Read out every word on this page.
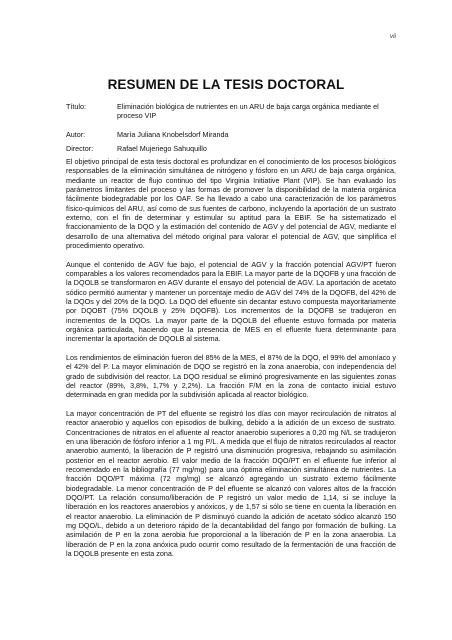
vii
RESUMEN DE LA TESIS DOCTORAL
Título:	Eliminación biológica de nutrientes en un ARU de baja carga orgánica mediante el proceso VIP
Autor:	María Juliana Knobelsdorf Miranda
Director:	Rafael Mujeriego Sahuquillo

El objetivo principal de esta tesis doctoral es profundizar en el conocimiento de los procesos biológicos responsables de la eliminación simultánea de nitrógeno y fósforo en un ARU de baja carga orgánica, mediante un reactor de flujo continuo del tipo Virginia Initiative Plant (VIP). Se han evaluado los parámetros limitantes del proceso y las formas de promover la disponibilidad de la materia orgánica fácilmente biodegradable por los OAF. Se ha llevado a cabo una caracterización de los parámetros físico-químicos del ARU, así como de sus fuentes de carbono, incluyendo la aportación de un sustrato externo, con el fin de determinar y estimular su aptitud para la EBIF. Se ha sistematizado el fraccionamiento de la DQO y la estimación del contenido de AGV y del potencial de AGV, mediante el desarrollo de una alternativa del método original para valorar el potencial de AGV, que simplifica el procedimiento operativo.

Aunque el contenido de AGV fue bajo, el potencial de AGV y la fracción potencial AGV/PT fueron comparables a los valores recomendados para la EBIF. La mayor parte de la DQOFB y una fracción de la DQOLB se transformaron en AGV durante el ensayo del potencial de AGV. La aportación de acetato sódico permitió aumentar y mantener un porcentaje medio de AGV del 74% de la DQOFB, del 42% de la DQOs y del 20% de la DQO. La DQO del efluente sin decantar estuvo compuesta mayoritariamente por DQOBT (75% DQOLB y 25% DQOFB). Los incrementos de la DQOFB se tradujeron en incrementos de la DQOs. La mayor parte de la DQOLB del efluente estuvo formada por materia orgánica particulada, haciendo que la presencia de MES en el efluente fuera determinante para incrementar la aportación de DQOLB al sistema.

Los rendimientos de eliminación fueron del 85% de la MES, el 87% de la DQO, el 99% del amoníaco y el 42% del P. La mayor eliminación de DQO se registró en la zona anaerobia, con independencia del grado de subdivisión del reactor. La DQO residual se eliminó progresivamente en las siguientes zonas del reactor (89%, 3,8%, 1,7% y 2,2%). La fracción F/M en la zona de contacto inicial estuvo determinada en gran medida por la subdivisión aplicada al reactor biológico.

La mayor concentración de PT del efluente se registró los días con mayor recirculación de nitratos al reactor anaerobio y aquellos con episodios de bulking, debido a la adición de un exceso de sustrato. Concentraciones de nitratos en el afluente al reactor anaerobio superiores a 0,20 mg N/L se tradujeron en una liberación de fósforo inferior a 1 mg P/L. A medida que el flujo de nitratos recirculados al reactor anaerobio aumentó, la liberación de P registró una disminución progresiva, rebajando su asimilación posterior en el reactor aerobio. El valor medio de la fracción DQO/PT en el efluente fue inferior al recomendado en la bibliografía (77 mg/mg) para una óptima eliminación simultánea de nutrientes. La fracción DQO/PT máxima (72 mg/mg) se alcanzó agregando un sustrato externo fácilmente biodegradable. La menor concentración de P del efluente se alcanzó con valores altos de la fracción DQO/PT. La relación consumo/liberación de P registró un valor medio de 1,14, si se incluye la liberación en los reactores anaerobios y anóxicos, y de 1,57 si sólo se tiene en cuenta la liberación en el reactor anaerobio. La eliminación de P disminuyó cuando la adición de acetato sódico alcanzó 150 mg DQO/L, debido a un deterioro rápido de la decantabilidad del fango por formación de bulking. La asimilación de P en la zona aerobia fue proporcional a la liberación de P en la zona anaerobia. La liberación de P en la zona anóxica pudo ocurrir como resultado de la fermentación de una fracción de la DQOLB presente en esta zona.
